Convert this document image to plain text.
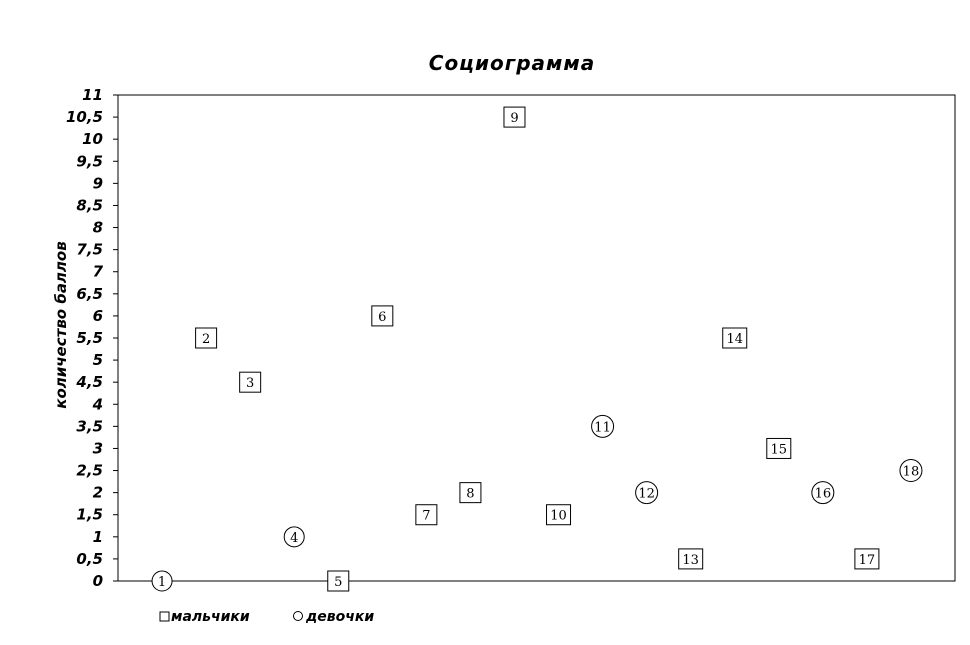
Социограмма
0
0,5
1
1,5
2
2,5
3
3,5
4
4,5
5
5,5
6
6,5
7
7,5
8
8,5
9
9,5
10
10,5
11
количество баллов	2
3
5
6
7
8
9
10
13
14
15
17
1
4
11
12	16
18
мальчики	девочки
